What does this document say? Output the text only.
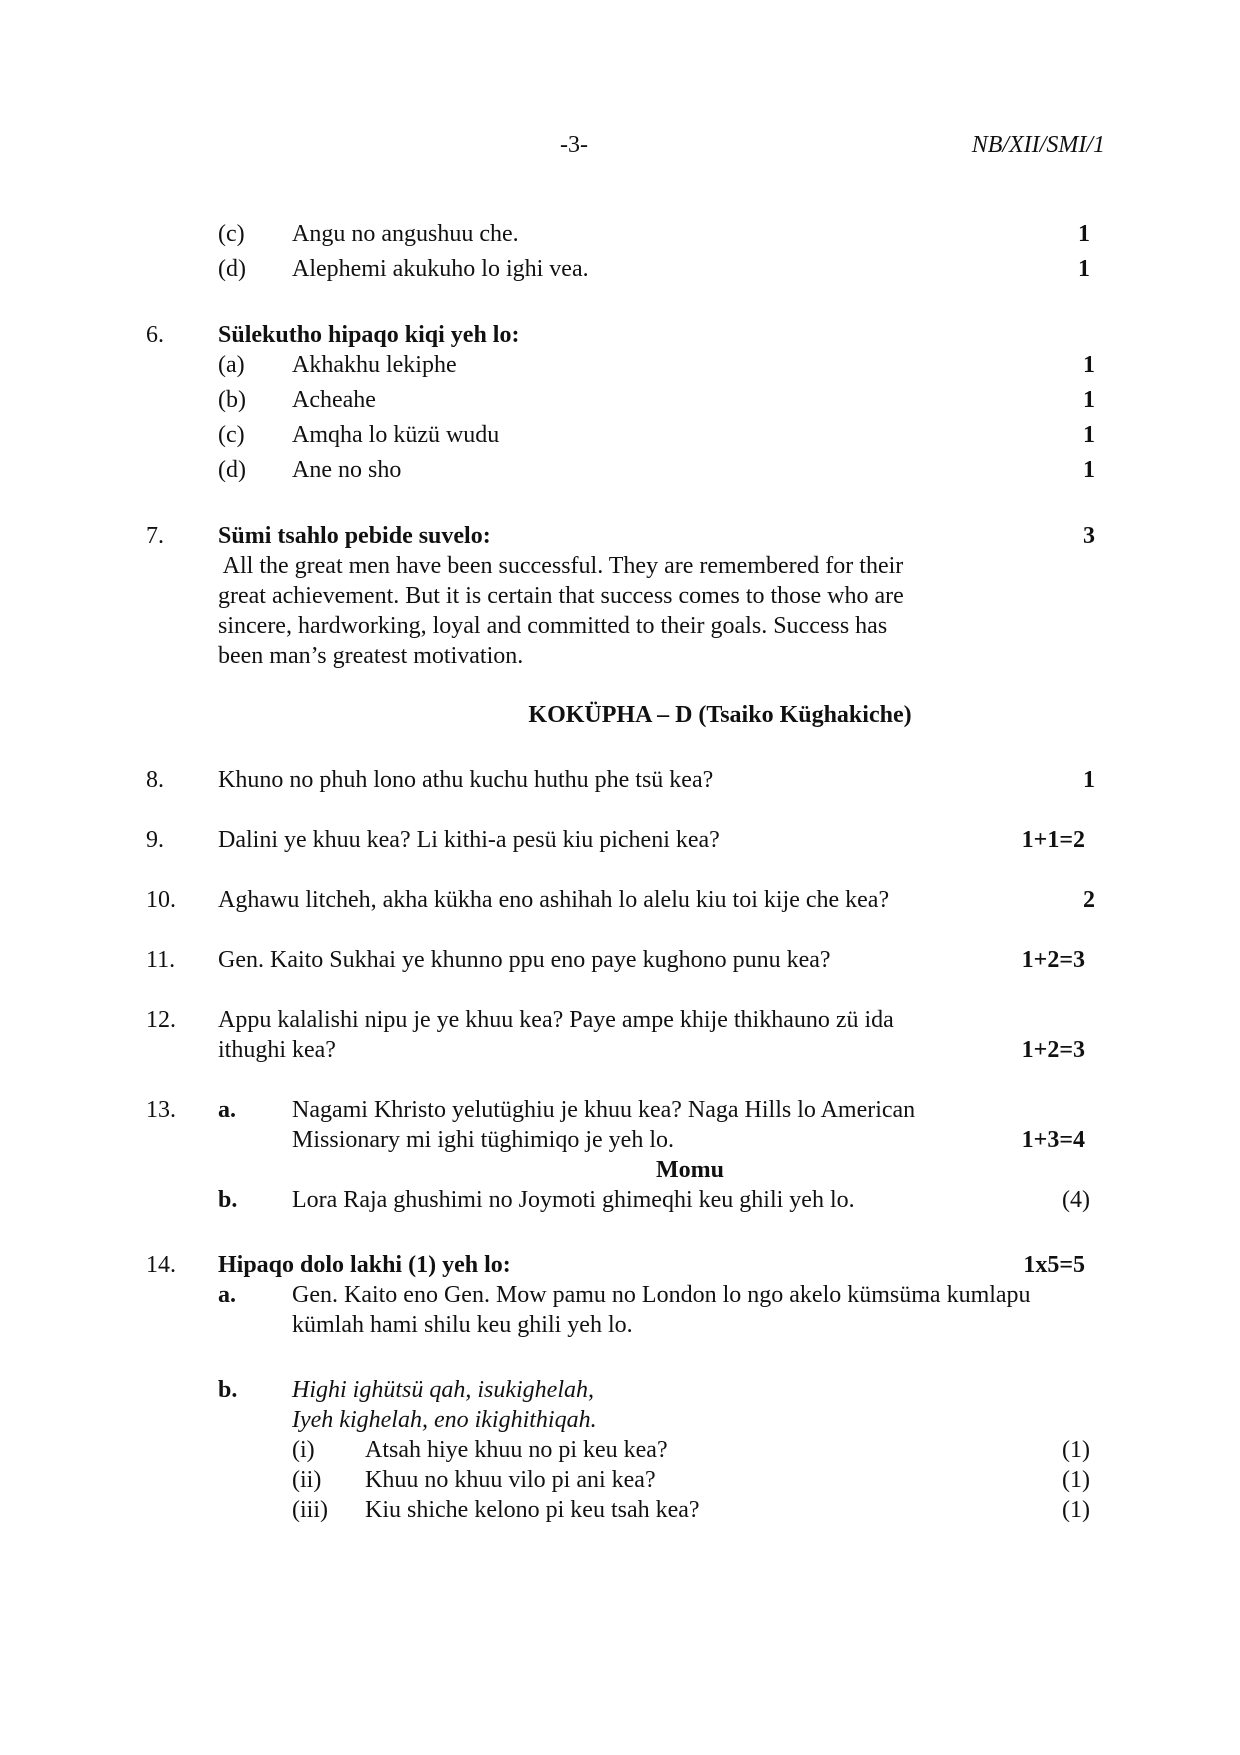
-3-	NB/XII/SMI/1
(c) Angu no angushuu che.	1
(d) Alephemi akukuho lo ighi vea.	1
6. Sülekutho hipaqo kiqi yeh lo:
(a) Akhakhu lekiphe	1
(b) Acheahe	1
(c) Amqha lo küzü wudu	1
(d) Ane no sho	1
7. Sümi tsahlo pebide suvelo:	3
All the great men have been successful. They are remembered for their
great achievement. But it is certain that success comes to those who are
sincere, hardworking, loyal and committed to their goals. Success has
been man’s greatest motivation.
KOKÜPHA – D (Tsaiko Küghakiche)
8. Khuno no phuh lono athu kuchu huthu phe tsü kea?	1
9. Dalini ye khuu kea? Li kithi-a pesü kiu picheni kea?	1+1=2
10. Aghawu litcheh, akha kükha eno ashihah lo alelu kiu toi kije che kea?	2
11. Gen. Kaito Sukhai ye khunno ppu eno paye kughono punu kea?	1+2=3
12. Appu kalalishi nipu je ye khuu kea? Paye ampe khije thikhauno zü ida
ithughi kea?	1+2=3
13. a. Nagami Khristo yelutüghiu je khuu kea? Naga Hills lo American
Missionary mi ighi tüghimiqo je yeh lo.	1+3=4
Momu
b. Lora Raja ghushimi no Joymoti ghimeqhi keu ghili yeh lo.	(4)
14. Hipaqo dolo lakhi (1) yeh lo:	1x5=5
a. Gen. Kaito eno Gen. Mow pamu no London lo ngo akelo kümsüma kumlapu
kümlah hami shilu keu ghili yeh lo.
b. Highi ighütsü qah, isukighelah,
Iyeh kighelah, eno ikighithiqah.
(i) Atsah hiye khuu no pi keu kea?	(1)
(ii) Khuu no khuu vilo pi ani kea?	(1)
(iii) Kiu shiche kelono pi keu tsah kea?	(1)
